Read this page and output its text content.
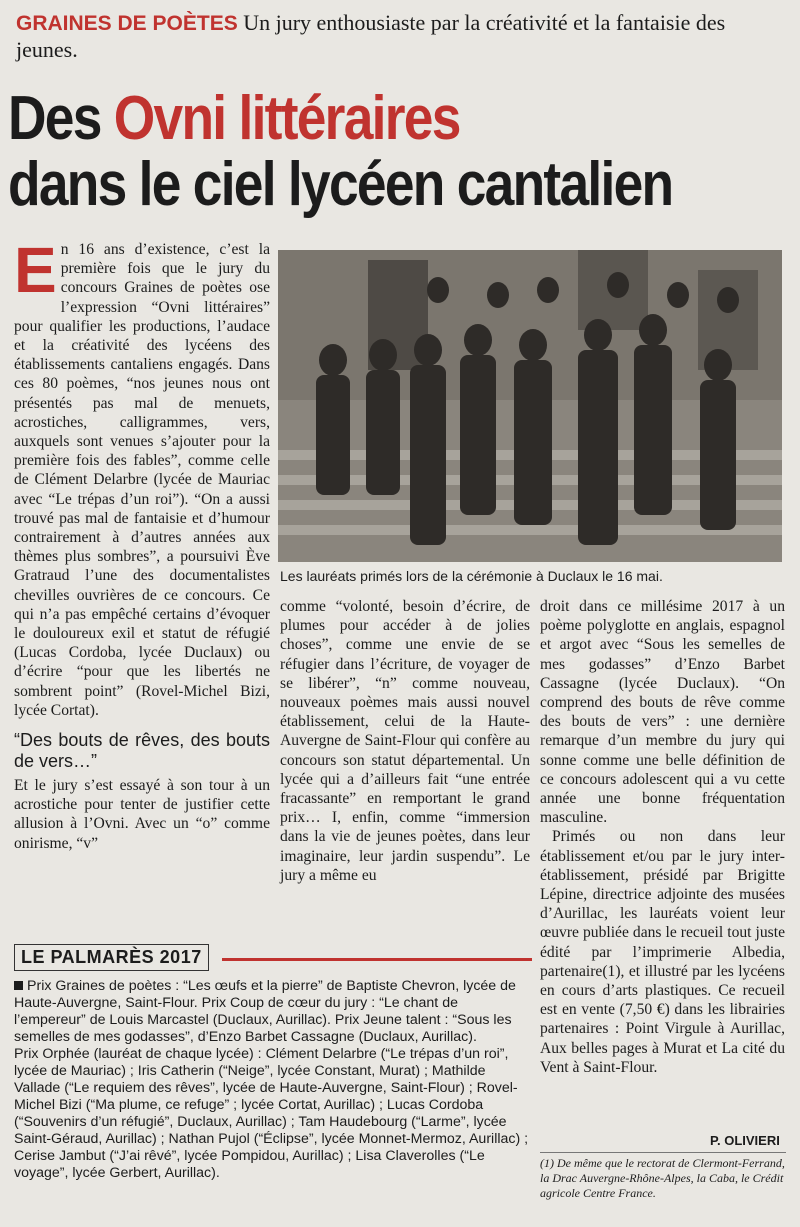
GRAINES DE POÈTES Un jury enthousiaste par la créativité et la fantaisie des jeunes.
Des Ovni littéraires
dans le ciel lycéen cantalien
Les lauréats primés lors de la cérémonie à Duclaux le 16 mai.
E n 16 ans d’existence, c’est la première fois que le jury du concours Graines de poètes ose l’expression “Ovni littéraires” pour qualifier les productions, l’audace et la créativité des lycéens des établissements cantaliens engagés. Dans ces 80 poèmes, “nos jeunes nous ont présentés pas mal de menuets, acrostiches, calligrammes, vers, auxquels sont venues s’ajouter pour la première fois des fables”, comme celle de Clément Delarbre (lycée de Mauriac avec “Le trépas d’un roi”). “On a aussi trouvé pas mal de fantaisie et d’humour contrairement à d’autres années aux thèmes plus sombres”, a poursuivi Ève Gratraud l’une des documentalistes chevilles ouvrières de ce concours. Ce qui n’a pas empêché certains d’évoquer le douloureux exil et statut de réfugié (Lucas Cordoba, lycée Duclaux) ou d’écrire “pour que les libertés ne sombrent point” (Rovel-Michel Bizi, lycée Cortat).

“Des bouts de rêves, des bouts de vers…”

Et le jury s’est essayé à son tour à un acrostiche pour tenter de justifier cette allusion à l’Ovni. Avec un “o” comme onirisme, “v”

comme “volonté, besoin d’écrire, de plumes pour accéder à de jolies choses”, comme une envie de se réfugier dans l’écriture, de voyager de se libérer”, “n” comme nouveau, nouveaux poèmes mais aussi nouvel établissement, celui de la Haute-Auvergne de Saint-Flour qui confère au concours son statut départemental. Un lycée qui a d’ailleurs fait “une entrée fracassante” en remportant le grand prix… I, enfin, comme “immersion dans la vie de jeunes poètes, dans leur imaginaire, leur jardin suspendu”. Le jury a même eu

droit dans ce millésime 2017 à un poème polyglotte en anglais, espagnol et argot avec “Sous les semelles de mes godasses” d’Enzo Barbet Cassagne (lycée Duclaux). “On comprend des bouts de rêve comme des bouts de vers” : une dernière remarque d’un membre du jury qui sonne comme une belle définition de ce concours adolescent qui a vu cette année une bonne fréquentation masculine.

Primés ou non dans leur établissement et/ou par le jury inter-établissement, présidé par Brigitte Lépine, directrice adjointe des musées d’Aurillac, les lauréats voient leur œuvre publiée dans le recueil tout juste édité par l’imprimerie Albedia, partenaire(1), et illustré par les lycéens en cours d’arts plastiques. Ce recueil est en vente (7,50 €) dans les librairies partenaires : Point Virgule à Aurillac, Aux belles pages à Murat et La cité du Vent à Saint-Flour.

LE PALMARÈS 2017

Prix Graines de poètes : “Les œufs et la pierre” de Baptiste Chevron, lycée de Haute-Auvergne, Saint-Flour. Prix Coup de cœur du jury : “Le chant de l’empereur” de Louis Marcastel (Duclaux, Aurillac). Prix Jeune talent : “Sous les semelles de mes godasses”, d’Enzo Barbet Cassagne (Duclaux, Aurillac).

Prix Orphée (lauréat de chaque lycée) : Clément Delarbre (“Le trépas d’un roi”, lycée de Mauriac) ; Iris Catherin (“Neige”, lycée Constant, Murat) ; Mathilde Vallade (“Le requiem des rêves”, lycée de Haute-Auvergne, Saint-Flour) ; Rovel-Michel Bizi (“Ma plume, ce refuge” ; lycée Cortat, Aurillac) ; Lucas Cordoba (“Souvenirs d’un réfugié”, Duclaux, Aurillac) ; Tam Haudebourg (“Larme”, lycée Saint-Géraud, Aurillac) ; Nathan Pujol (“Éclipse”, lycée Monnet-Mermoz, Aurillac) ; Cerise Jambut (“J’ai rêvé”, lycée Pompidou, Aurillac) ; Lisa Claverolles (“Le voyage”, lycée Gerbert, Aurillac).

P. OLIVIERI
(1) De même que le rectorat de Clermont-Ferrand, la Drac Auvergne-Rhône-Alpes, la Caba, le Crédit agricole Centre France.
